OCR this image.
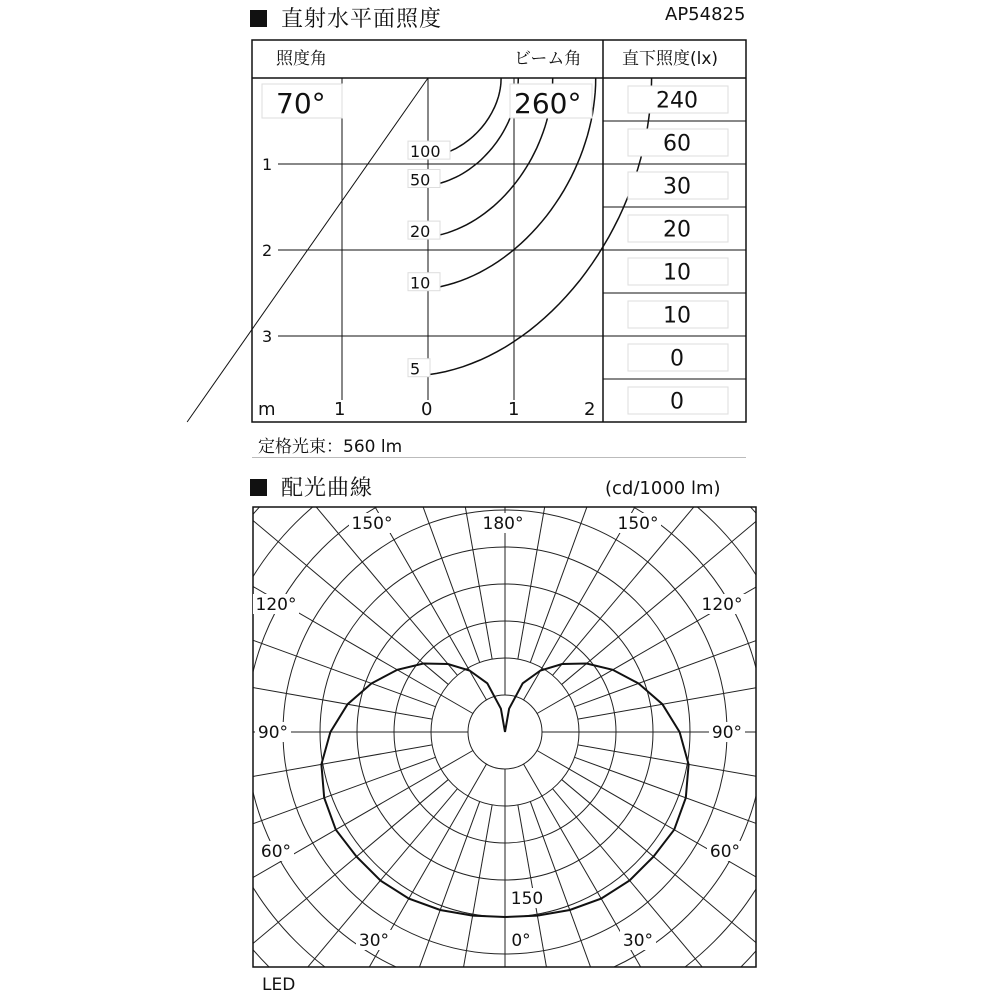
直射水平面照度	AP54825
照度角	ビーム角 直下照度(lx)
70°	260°
1
2
3
m	1	0	1	2
100
50
20
10
5
240
60
30
20
10
10
0
0
定格光束：560 lm
配光曲線	(cd/1000 lm)
150°	180°	150°
120°	120°
90°	90°
60°	60°
30°	0°	30°
150
LED
